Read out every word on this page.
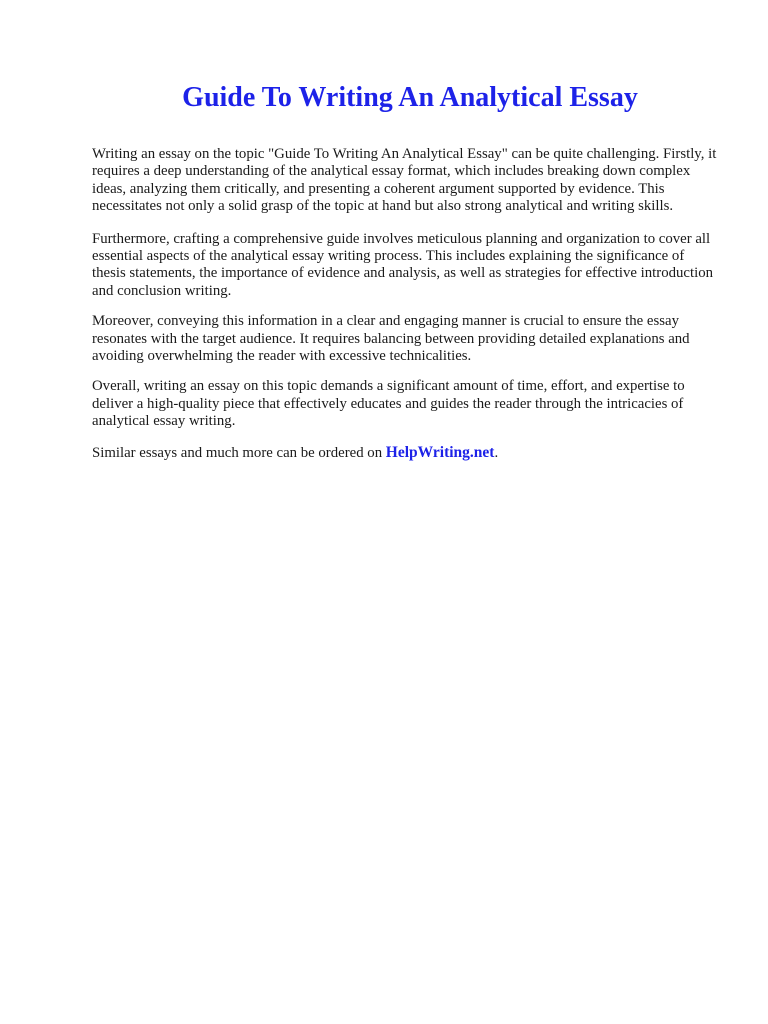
Guide To Writing An Analytical Essay

Writing an essay on the topic "Guide To Writing An Analytical Essay" can be quite challenging. Firstly, it requires a deep understanding of the analytical essay format, which includes breaking down complex ideas, analyzing them critically, and presenting a coherent argument supported by evidence. This necessitates not only a solid grasp of the topic at hand but also strong analytical and writing skills.

Furthermore, crafting a comprehensive guide involves meticulous planning and organization to cover all essential aspects of the analytical essay writing process. This includes explaining the significance of thesis statements, the importance of evidence and analysis, as well as strategies for effective introduction and conclusion writing.

Moreover, conveying this information in a clear and engaging manner is crucial to ensure the essay resonates with the target audience. It requires balancing between providing detailed explanations and avoiding overwhelming the reader with excessive technicalities.

Overall, writing an essay on this topic demands a significant amount of time, effort, and expertise to deliver a high-quality piece that effectively educates and guides the reader through the intricacies of analytical essay writing.

Similar essays and much more can be ordered on HelpWriting.net.
